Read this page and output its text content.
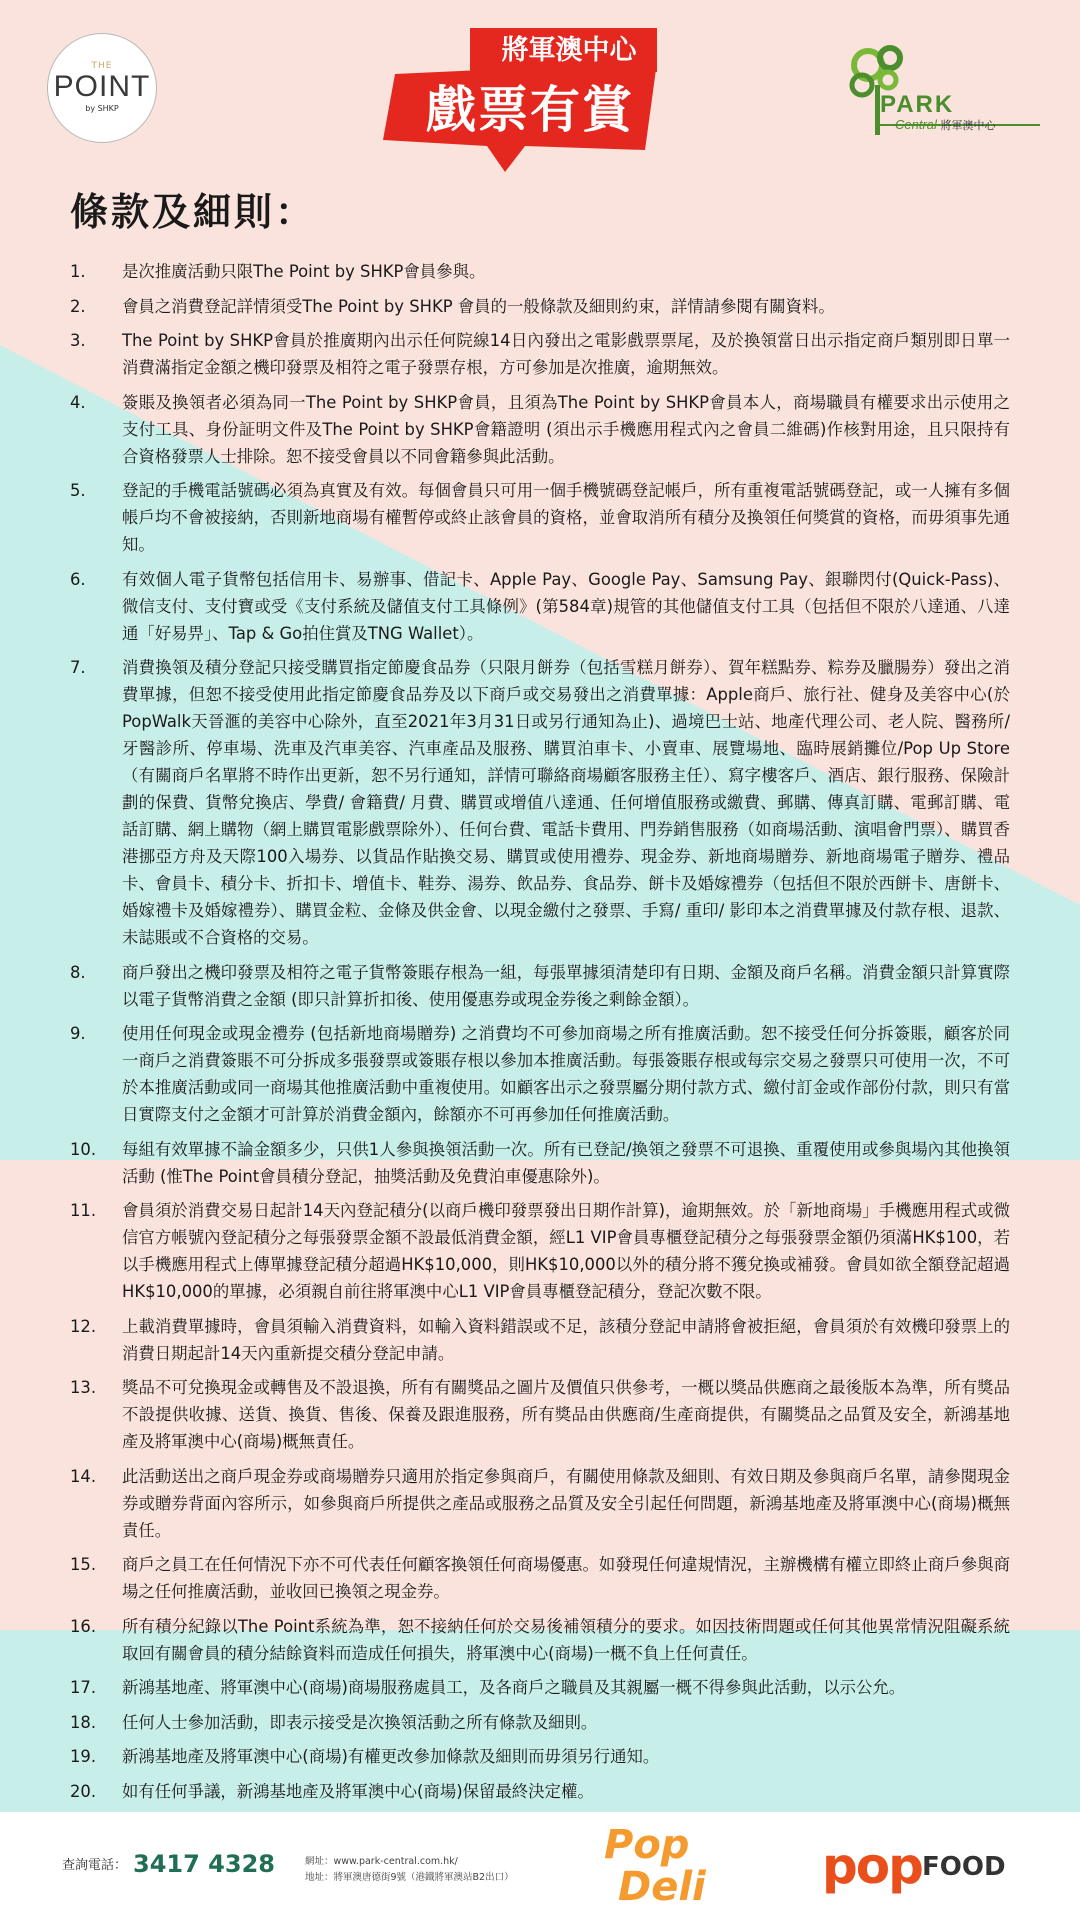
THE
POINT
by SHKP
將軍澳中心
戲票有賞	PARK
Central 將軍澳中心
條款及細則：
1.	是次推廣活動只限The Point by SHKP會員參與。
2.	會員之消費登記詳情須受The Point by SHKP 會員的一般條款及細則約束，詳情請參閱有關資料。
3.	The Point by SHKP會員於推廣期內出示任何院線14日內發出之電影戲票票尾，及於換領當日出示指定商戶類別即日單一消費滿指定金額之機印發票及相符之電子發票存根，方可參加是次推廣，逾期無效。
4.	簽賬及換領者必須為同一The Point by SHKP會員，且須為The Point by SHKP會員本人，商場職員有權要求出示使用之支付工具、身份証明文件及The Point by SHKP會籍證明 (須出示手機應用程式內之會員二維碼)作核對用途，且只限持有合資格發票人士排除。恕不接受會員以不同會籍參與此活動。
5.	登記的手機電話號碼必須為真實及有效。每個會員只可用一個手機號碼登記帳戶，所有重複電話號碼登記，或一人擁有多個帳戶均不會被接納，否則新地商場有權暫停或終止該會員的資格，並會取消所有積分及換領任何獎賞的資格，而毋須事先通知。
6.	有效個人電子貨幣包括信用卡、易辦事、借記卡、Apple Pay、Google Pay、Samsung Pay、銀聯閃付(Quick-Pass)、微信支付、支付寶或受《支付系統及儲值支付工具條例》(第584章)規管的其他儲值支付工具（包括但不限於八達通、八達通「好易畀」、Tap & Go拍住賞及TNG Wallet）。
7.	消費換領及積分登記只接受購買指定節慶食品券（只限月餅券（包括雪糕月餅券）、賀年糕點券、粽券及臘腸券）發出之消費單據，但恕不接受使用此指定節慶食品券及以下商戶或交易發出之消費單據：Apple商戶、旅行社、健身及美容中心(於PopWalk天晉滙的美容中心除外，直至2021年3月31日或另行通知為止)、過境巴士站、地產代理公司、老人院、醫務所/ 牙醫診所、停車場、洗車及汽車美容、汽車產品及服務、購買泊車卡、小賣車、展覽場地、臨時展銷攤位/Pop Up Store（有關商戶名單將不時作出更新，恕不另行通知，詳情可聯絡商場顧客服務主任）、寫字樓客戶、酒店、銀行服務、保險計劃的保費、貨幣兌換店、學費/ 會籍費/ 月費、購買或增值八達通、任何增值服務或繳費、郵購、傳真訂購、電郵訂購、電話訂購、網上購物（網上購買電影戲票除外）、任何台費、電話卡費用、門券銷售服務（如商場活動、演唱會門票）、購買香港挪亞方舟及天際100入場券、以貨品作貼換交易、購買或使用禮券、現金券、新地商場贈券、新地商場電子贈券、禮品卡、會員卡、積分卡、折扣卡、增值卡、鞋券、湯券、飲品券、食品券、餅卡及婚嫁禮券（包括但不限於西餅卡、唐餅卡、婚嫁禮卡及婚嫁禮券）、購買金粒、金條及供金會、以現金繳付之發票、手寫/ 重印/ 影印本之消費單據及付款存根、退款、未誌賬或不合資格的交易。
8.	商戶發出之機印發票及相符之電子貨幣簽賬存根為一組，每張單據須清楚印有日期、金額及商戶名稱。消費金額只計算實際以電子貨幣消費之金額 (即只計算折扣後、使用優惠券或現金券後之剩餘金額）。
9.	使用任何現金或現金禮券 (包括新地商場贈券) 之消費均不可參加商場之所有推廣活動。恕不接受任何分拆簽賬，顧客於同一商戶之消費簽賬不可分拆成多張發票或簽賬存根以參加本推廣活動。每張簽賬存根或每宗交易之發票只可使用一次，不可於本推廣活動或同一商場其他推廣活動中重複使用。如顧客出示之發票屬分期付款方式、繳付訂金或作部份付款，則只有當日實際支付之金額才可計算於消費金額內，餘額亦不可再參加任何推廣活動。
10.	每組有效單據不論金額多少，只供1人參與換領活動一次。所有已登記/換領之發票不可退換、重覆使用或參與場內其他換領活動 (惟The Point會員積分登記，抽獎活動及免費泊車優惠除外)。
11.	會員須於消費交易日起計14天內登記積分(以商戶機印發票發出日期作計算)，逾期無效。於「新地商場」手機應用程式或微信官方帳號內登記積分之每張發票金額不設最低消費金額，經L1 VIP會員專櫃登記積分之每張發票金額仍須滿HK$100，若以手機應用程式上傳單據登記積分超過HK$10,000，則HK$10,000以外的積分將不獲兌換或補發。會員如欲全額登記超過HK$10,000的單據，必須親自前往將軍澳中心L1 VIP會員專櫃登記積分，登記次數不限。
12.	上載消費單據時，會員須輸入消費資料，如輸入資料錯誤或不足，該積分登記申請將會被拒絕，會員須於有效機印發票上的消費日期起計14天內重新提交積分登記申請。
13.	獎品不可兌換現金或轉售及不設退換，所有有關獎品之圖片及價值只供參考，一概以獎品供應商之最後版本為準，所有獎品不設提供收據、送貨、換貨、售後、保養及跟進服務，所有獎品由供應商/生產商提供，有關獎品之品質及安全，新鴻基地產及將軍澳中心(商場)概無責任。
14.	此活動送出之商戶現金券或商場贈券只適用於指定參與商戶，有關使用條款及細則、有效日期及參與商戶名單，請參閱現金券或贈券背面內容所示，如參與商戶所提供之產品或服務之品質及安全引起任何問題，新鴻基地產及將軍澳中心(商場)概無責任。
15.	商戶之員工在任何情況下亦不可代表任何顧客換領任何商場優惠。如發現任何違規情況，主辦機構有權立即終止商戶參與商場之任何推廣活動，並收回已換領之現金券。
16.	所有積分紀錄以The Point系統為準，恕不接納任何於交易後補領積分的要求。如因技術問題或任何其他異常情況阻礙系統取回有關會員的積分結餘資料而造成任何損失，將軍澳中心(商場)一概不負上任何責任。
17.	新鴻基地產、將軍澳中心(商場)商場服務處員工，及各商戶之職員及其親屬一概不得參與此活動，以示公允。
18.	任何人士參加活動，即表示接受是次換領活動之所有條款及細則。
19.	新鴻基地產及將軍澳中心(商場)有權更改參加條款及細則而毋須另行通知。
20.	如有任何爭議，新鴻基地產及將軍澳中心(商場)保留最終決定權。
查詢電話： 3417 4328	網址：www.park-central.com.hk/
地址：將軍澳唐德街9號（港鐵將軍澳站B2出口）
Pop
Deli pop FOOD
